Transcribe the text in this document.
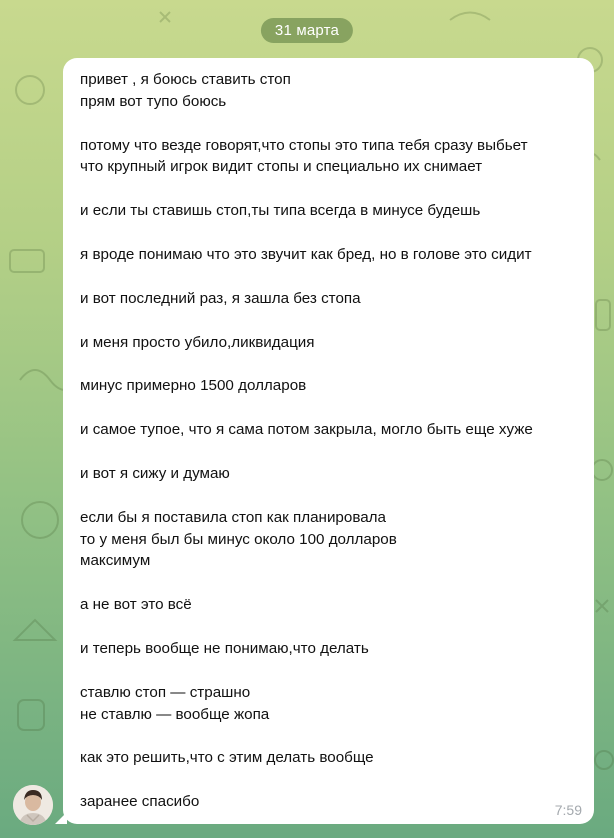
31 марта
привет , я боюсь ставить стоп
прям вот тупо боюсь
потому что везде говорят,что стопы это типа тебя сразу выбьет
что крупный игрок видит стопы и специально их снимает
и если ты ставишь стоп,ты типа всегда в минусе будешь
я вроде понимаю что это звучит как бред, но в голове это сидит
и вот последний раз, я зашла без стопа
и меня просто убило,ликвидация
минус примерно 1500 долларов
и самое тупое, что я сама потом закрыла, могло быть еще хуже
и вот я сижу и думаю
если бы я поставила стоп как планировала
то у меня был бы минус около 100 долларов
максимум
а не вот это всё
и теперь вообще не понимаю,что делать
ставлю стоп — страшно
не ставлю — вообще жопа
как это решить,что с этим делать вообще
заранее спасибо	7:59
